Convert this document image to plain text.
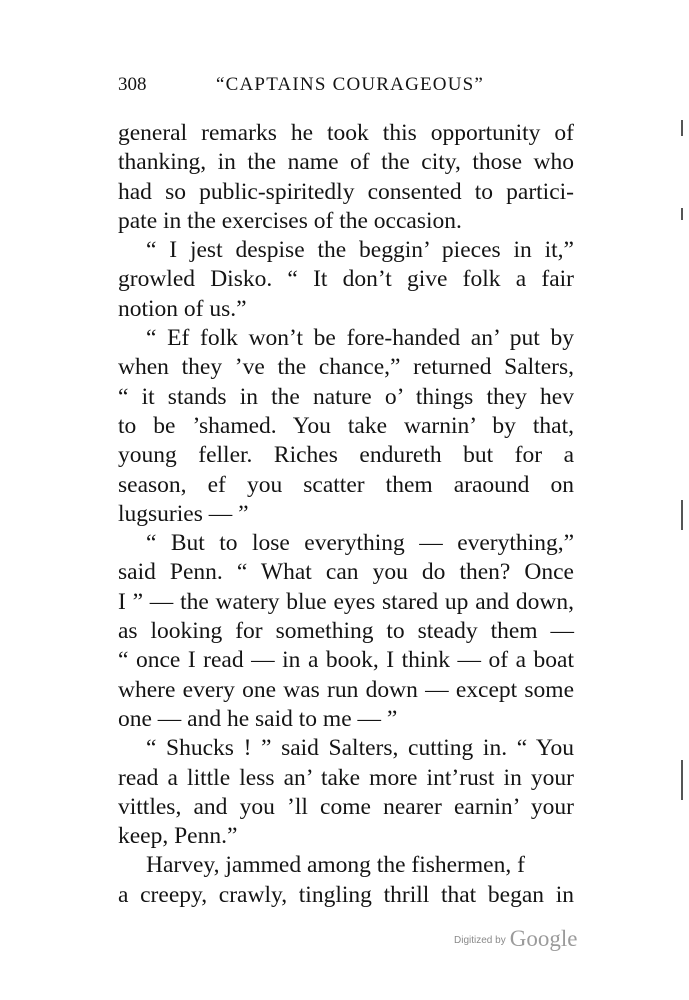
308	“CAPTAINS COURAGEOUS”
general remarks he took this opportunity of
thanking, in the name of the city, those who
had so public-spiritedly consented to partici-
pate in the exercises of the occasion.
“ I jest despise the beggin’ pieces in it,”
growled Disko. “ It don’t give folk a fair
notion of us.”
“ Ef folk won’t be fore-handed an’ put by
when they ’ve the chance,” returned Salters,
“ it stands in the nature o’ things they hev
to be ’shamed. You take warnin’ by that,
young feller. Riches endureth but for a
season, ef you scatter them araound on
lugsuries — ”
“ But to lose everything — everything,”
said Penn. “ What can you do then? Once
I ” — the watery blue eyes stared up and down,
as looking for something to steady them —
“ once I read — in a book, I think — of a boat
where every one was run down — except some
one — and he said to me — ”
“ Shucks ! ” said Salters, cutting in. “ You
read a little less an’ take more int’rust in your
vittles, and you ’ll come nearer earnin’ your
keep, Penn.”
Harvey, jammed among the fishermen, f
a creepy, crawly, tingling thrill that began in
Digitized by Google
